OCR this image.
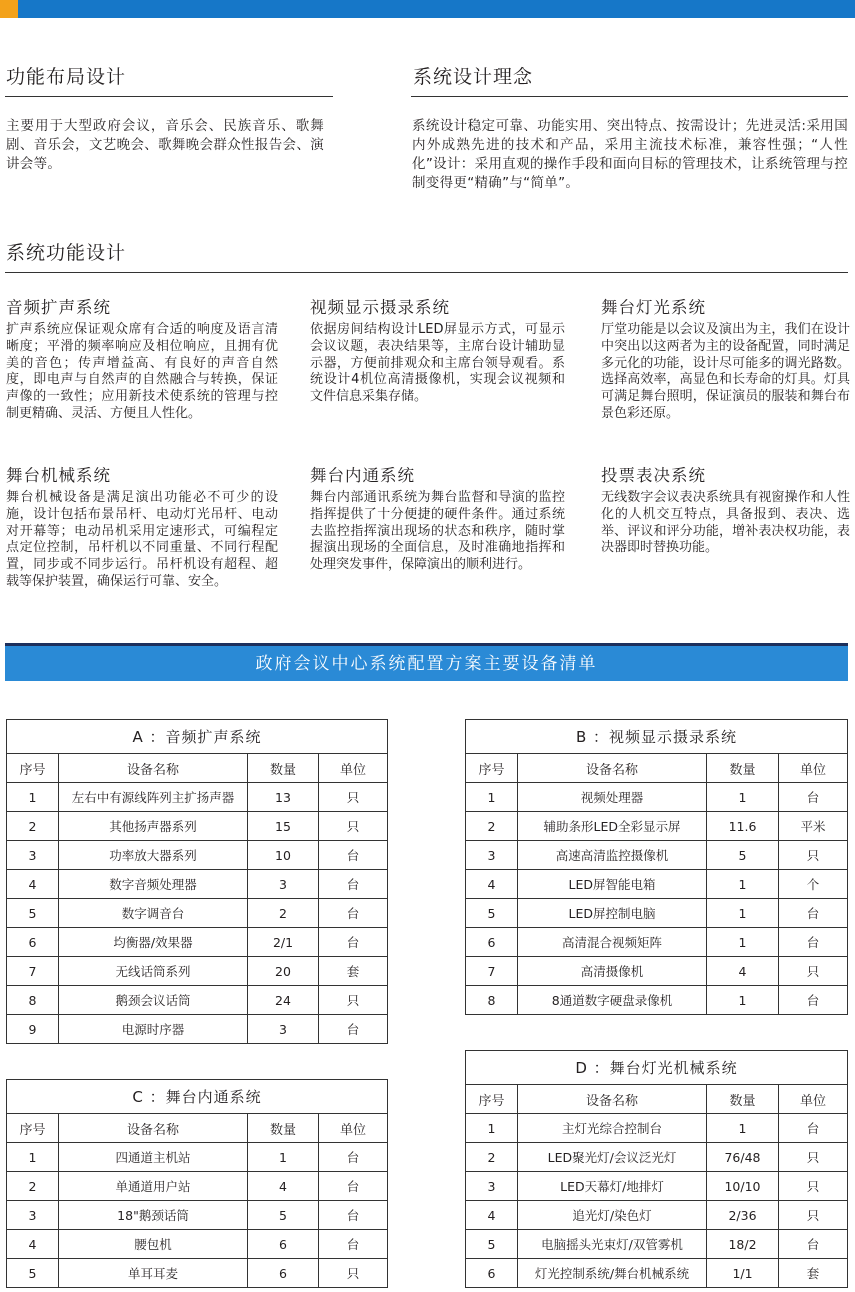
功能布局设计

主要用于大型政府会议，音乐会、民族音乐、歌舞剧、音乐会，文艺晚会、歌舞晚会群众性报告会、演讲会等。

系统设计理念

系统设计稳定可靠、功能实用、突出特点、按需设计；先进灵活:采用国内外成熟先进的技术和产品，采用主流技术标准，兼容性强；“人性化”设计：采用直观的操作手段和面向目标的管理技术，让系统管理与控制变得更“精确”与“简单”。

系统功能设计
音频扩声系统

扩声系统应保证观众席有合适的响度及语言清晰度；平滑的频率响应及相位响应，且拥有优美的音色；传声增益高、有良好的声音自然度，即电声与自然声的自然融合与转换，保证声像的一致性；应用新技术使系统的管理与控制更精确、灵活、方便且人性化。

视频显示摄录系统

依据房间结构设计LED屏显示方式，可显示会议议题，表决结果等，主席台设计辅助显示器，方便前排观众和主席台领导观看。系统设计4机位高清摄像机，实现会议视频和文件信息采集存储。

舞台灯光系统

厅堂功能是以会议及演出为主，我们在设计中突出以这两者为主的设备配置，同时满足多元化的功能，设计尽可能多的调光路数。选择高效率，高显色和长寿命的灯具。灯具可满足舞台照明，保证演员的服装和舞台布景色彩还原。

舞台机械系统

舞台机械设备是满足演出功能必不可少的设施，设计包括布景吊杆、电动灯光吊杆、电动对开幕等；电动吊机采用定速形式，可编程定点定位控制，吊杆机以不同重量、不同行程配置，同步或不同步运行。吊杆机设有超程、超载等保护装置，确保运行可靠、安全。

舞台内通系统

舞台内部通讯系统为舞台监督和导演的监控指挥提供了十分便捷的硬件条件。通过系统去监控指挥演出现场的状态和秩序，随时掌握演出现场的全面信息，及时准确地指挥和处理突发事件，保障演出的顺利进行。

投票表决系统

无线数字会议表决系统具有视窗操作和人性化的人机交互特点，具备报到、表决、选举、评议和评分功能，增补表决权功能，表决器即时替换功能。

政府会议中心系统配置方案主要设备清单
A ：音频扩声系统			
序号	设备名称	数量	单位
1	左右中有源线阵列主扩扬声器	13	只
2	其他扬声器系列	15	只
3	功率放大器系列	10	台
4	数字音频处理器	3	台
5	数字调音台	2	台
6	均衡器/效果器	2/1	台
7	无线话筒系列	20	套
8	鹅颈会议话筒	24	只
9	电源时序器	3	台
B ：视频显示摄录系统			
序号	设备名称	数量	单位
1	视频处理器	1	台
2	辅助条形LED全彩显示屏	11.6	平米
3	高速高清监控摄像机	5	只
4	LED屏智能电箱	1	个
5	LED屏控制电脑	1	台
6	高清混合视频矩阵	1	台
7	高清摄像机	4	只
8	8通道数字硬盘录像机	1	台
C ：舞台内通系统			
序号	设备名称	数量	单位
1	四通道主机站	1	台
2	单通道用户站	4	台
3	18"鹅颈话筒	5	台
4	腰包机	6	台
5	单耳耳麦	6	只
D ：舞台灯光机械系统			
序号	设备名称	数量	单位
1	主灯光综合控制台	1	台
2	LED聚光灯/会议泛光灯	76/48	只
3	LED天幕灯/地排灯	10/10	只
4	追光灯/染色灯	2/36	只
5	电脑摇头光束灯/双管雾机	18/2	台
6	灯光控制系统/舞台机械系统	1/1	套
